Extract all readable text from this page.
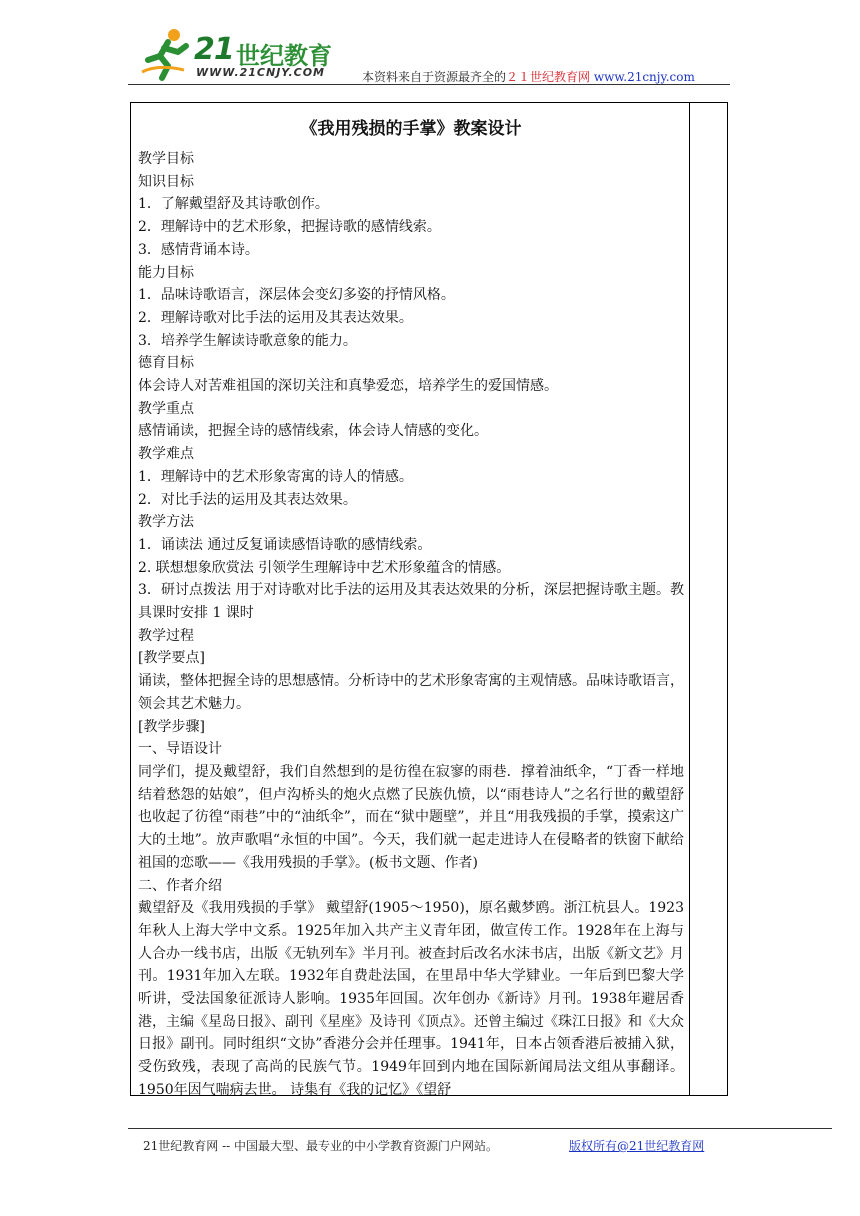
21 世纪教育
WWW.21CNJY.COM	本资料来自于资源最齐全的２１世纪教育网 www.21cnjy.com
《我用残损的手掌》教案设计
教学目标
知识目标
1．了解戴望舒及其诗歌创作。
2．理解诗中的艺术形象，把握诗歌的感情线索。
3．感情背诵本诗。
能力目标
1．品味诗歌语言，深层体会变幻多姿的抒情风格。
2．理解诗歌对比手法的运用及其表达效果。
3．培养学生解读诗歌意象的能力。
德育目标
体会诗人对苦难祖国的深切关注和真挚爱恋，培养学生的爱国情感。
教学重点
感情诵读，把握全诗的感情线索，体会诗人情感的变化。
教学难点
1．理解诗中的艺术形象寄寓的诗人的情感。
2．对比手法的运用及其表达效果。
教学方法
1．诵读法 通过反复诵读感悟诗歌的感情线索。
2. 联想想象欣赏法 引领学生理解诗中艺术形象蕴含的情感。
3．研讨点拨法 用于对诗歌对比手法的运用及其表达效果的分析，深层把握诗歌主题。教具课时安排 1 课时
教学过程
[教学要点]
诵读，整体把握全诗的思想感情。分析诗中的艺术形象寄寓的主观情感。品味诗歌语言，领会其艺术魅力。
[教学步骤]
一、导语设计
同学们，提及戴望舒，我们自然想到的是彷徨在寂寥的雨巷．撑着油纸伞，“丁香一样地结着愁怨的姑娘”，但卢沟桥头的炮火点燃了民族仇愤，以“雨巷诗人”之名行世的戴望舒也收起了彷徨“雨巷”中的“油纸伞”，而在“狱中题壁”，并且“用我残损的手掌，摸索这广大的土地”。放声歌唱“永恒的中国”。今天，我们就一起走进诗人在侵略者的铁窗下献给祖国的恋歌——《我用残损的手掌》。(板书文题、作者)
二、作者介绍
戴望舒及《我用残损的手掌》 戴望舒(1905～1950)，原名戴梦鸥。浙江杭县人。1923年秋人上海大学中文系。1925年加入共产主义青年团，做宣传工作。1928年在上海与人合办一线书店，出版《无轨列车》半月刊。被查封后改名水沫书店，出版《新文艺》月刊。1931年加入左联。1932年自费赴法国，在里昂中华大学肄业。一年后到巴黎大学听讲，受法国象征派诗人影响。1935年回国。次年创办《新诗》月刊。1938年避居香港，主编《星岛日报》、副刊《星座》及诗刊《顶点》。还曾主编过《珠江日报》和《大众日报》副刊。同时组织“文协”香港分会并任理事。1941年，日本占领香港后被捕入狱，受伤致残，表现了高尚的民族气节。1949年回到内地在国际新闻局法文组从事翻译。1950年因气喘病去世。 诗集有《我的记忆》《望舒
21世纪教育网 -- 中国最大型、最专业的中小学教育资源门户网站。	版权所有@21世纪教育网
